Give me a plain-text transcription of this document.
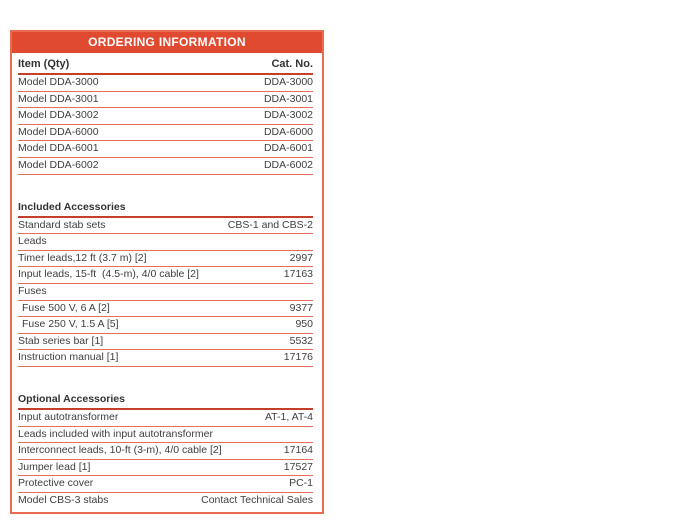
ORDERING INFORMATION
Item (Qty)	Cat. No.
Model DDA-3000	DDA-3000
Model DDA-3001	DDA-3001
Model DDA-3002	DDA-3002
Model DDA-6000	DDA-6000
Model DDA-6001	DDA-6001
Model DDA-6002	DDA-6002
Included Accessories
Standard stab sets	CBS-1 and CBS-2
Leads
Timer leads,12 ft (3.7 m) [2]	2997
Input leads, 15-ft  (4.5-m), 4/0 cable [2]	17163
Fuses
Fuse 500 V, 6 A [2]	9377
Fuse 250 V, 1.5 A [5]	950
Stab series bar [1]	5532
Instruction manual [1]	17176
Optional Accessories
Input autotransformer	AT-1, AT-4
Leads included with input autotransformer
Interconnect leads, 10-ft (3-m), 4/0 cable [2]	17164
Jumper lead [1]	17527
Protective cover	PC-1
Model CBS-3 stabs	Contact Technical Sales
